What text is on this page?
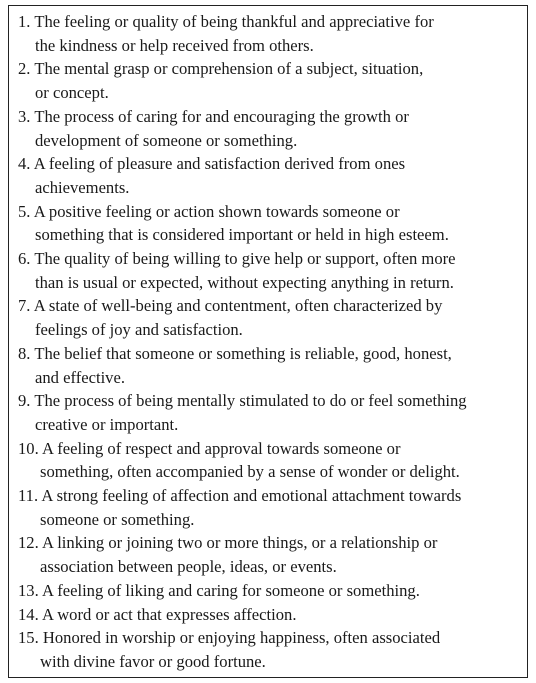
1. The feeling or quality of being thankful and appreciative for
the kindness or help received from others.
2. The mental grasp or comprehension of a subject, situation,
or concept.
3. The process of caring for and encouraging the growth or
development of someone or something.
4. A feeling of pleasure and satisfaction derived from ones
achievements.
5. A positive feeling or action shown towards someone or
something that is considered important or held in high esteem.
6. The quality of being willing to give help or support, often more
than is usual or expected, without expecting anything in return.
7. A state of well-being and contentment, often characterized by
feelings of joy and satisfaction.
8. The belief that someone or something is reliable, good, honest,
and effective.
9. The process of being mentally stimulated to do or feel something
creative or important.
10. A feeling of respect and approval towards someone or
something, often accompanied by a sense of wonder or delight.
11. A strong feeling of affection and emotional attachment towards
someone or something.
12. A linking or joining two or more things, or a relationship or
association between people, ideas, or events.
13. A feeling of liking and caring for someone or something.
14. A word or act that expresses affection.
15. Honored in worship or enjoying happiness, often associated
with divine favor or good fortune.
